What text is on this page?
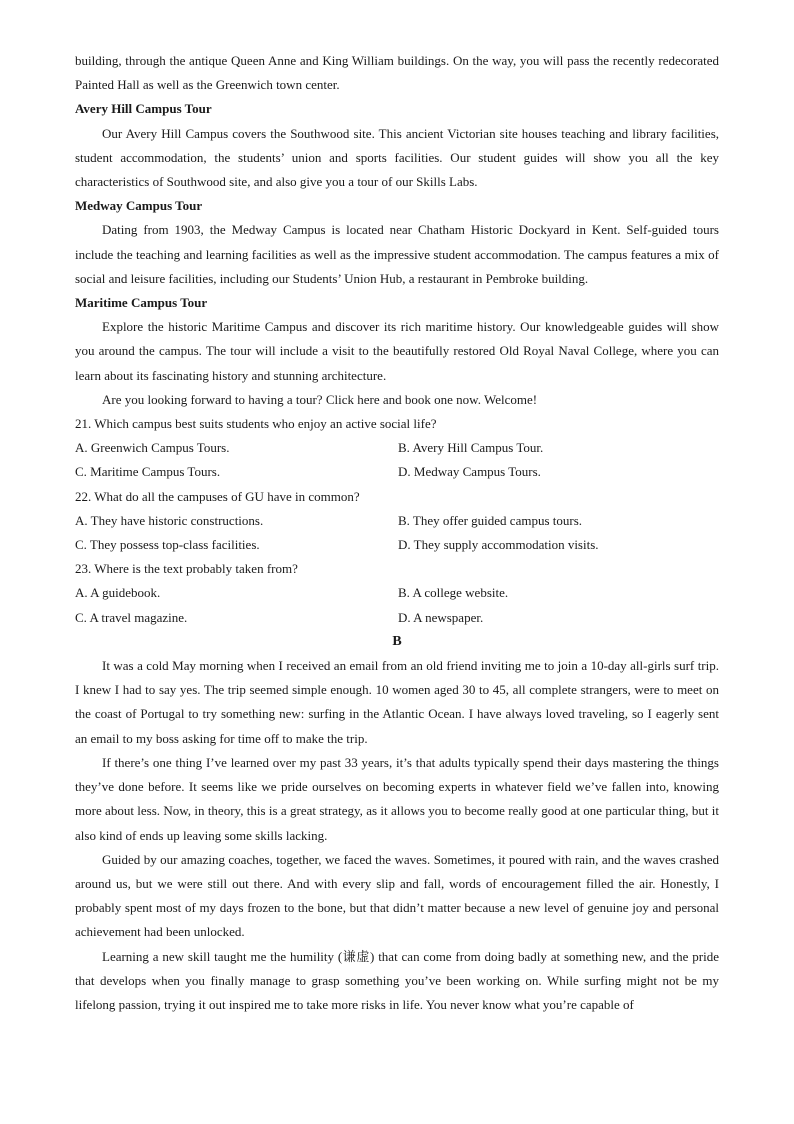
building, through the antique Queen Anne and King William buildings. On the way, you will pass the recently redecorated Painted Hall as well as the Greenwich town center.

Avery Hill Campus Tour

Our Avery Hill Campus covers the Southwood site. This ancient Victorian site houses teaching and library facilities, student accommodation, the students’ union and sports facilities. Our student guides will show you all the key characteristics of Southwood site, and also give you a tour of our Skills Labs.

Medway Campus Tour

Dating from 1903, the Medway Campus is located near Chatham Historic Dockyard in Kent. Self-guided tours include the teaching and learning facilities as well as the impressive student accommodation. The campus features a mix of social and leisure facilities, including our Students’ Union Hub, a restaurant in Pembroke building.

Maritime Campus Tour

Explore the historic Maritime Campus and discover its rich maritime history. Our knowledgeable guides will show you around the campus. The tour will include a visit to the beautifully restored Old Royal Naval College, where you can learn about its fascinating history and stunning architecture.

Are you looking forward to having a tour? Click here and book one now. Welcome!

21. Which campus best suits students who enjoy an active social life?

A. Greenwich Campus Tours.	B. Avery Hill Campus Tour.

C. Maritime Campus Tours.	D. Medway Campus Tours.

22. What do all the campuses of GU have in common?

A. They have historic constructions.	B. They offer guided campus tours.

C. They possess top-class facilities.	D. They supply accommodation visits.

23. Where is the text probably taken from?

A. A guidebook.	B. A college website.

C. A travel magazine.	D. A newspaper.

B

It was a cold May morning when I received an email from an old friend inviting me to join a 10-day all-girls surf trip. I knew I had to say yes. The trip seemed simple enough. 10 women aged 30 to 45, all complete strangers, were to meet on the coast of Portugal to try something new: surfing in the Atlantic Ocean. I have always loved traveling, so I eagerly sent an email to my boss asking for time off to make the trip.

If there’s one thing I’ve learned over my past 33 years, it’s that adults typically spend their days mastering the things they’ve done before. It seems like we pride ourselves on becoming experts in whatever field we’ve fallen into, knowing more about less. Now, in theory, this is a great strategy, as it allows you to become really good at one particular thing, but it also kind of ends up leaving some skills lacking.

Guided by our amazing coaches, together, we faced the waves. Sometimes, it poured with rain, and the waves crashed around us, but we were still out there. And with every slip and fall, words of encouragement filled the air. Honestly, I probably spent most of my days frozen to the bone, but that didn’t matter because a new level of genuine joy and personal achievement had been unlocked.

Learning a new skill taught me the humility (谦虚) that can come from doing badly at something new, and the pride that develops when you finally manage to grasp something you’ve been working on. While surfing might not be my lifelong passion, trying it out inspired me to take more risks in life. You never know what you’re capable of
